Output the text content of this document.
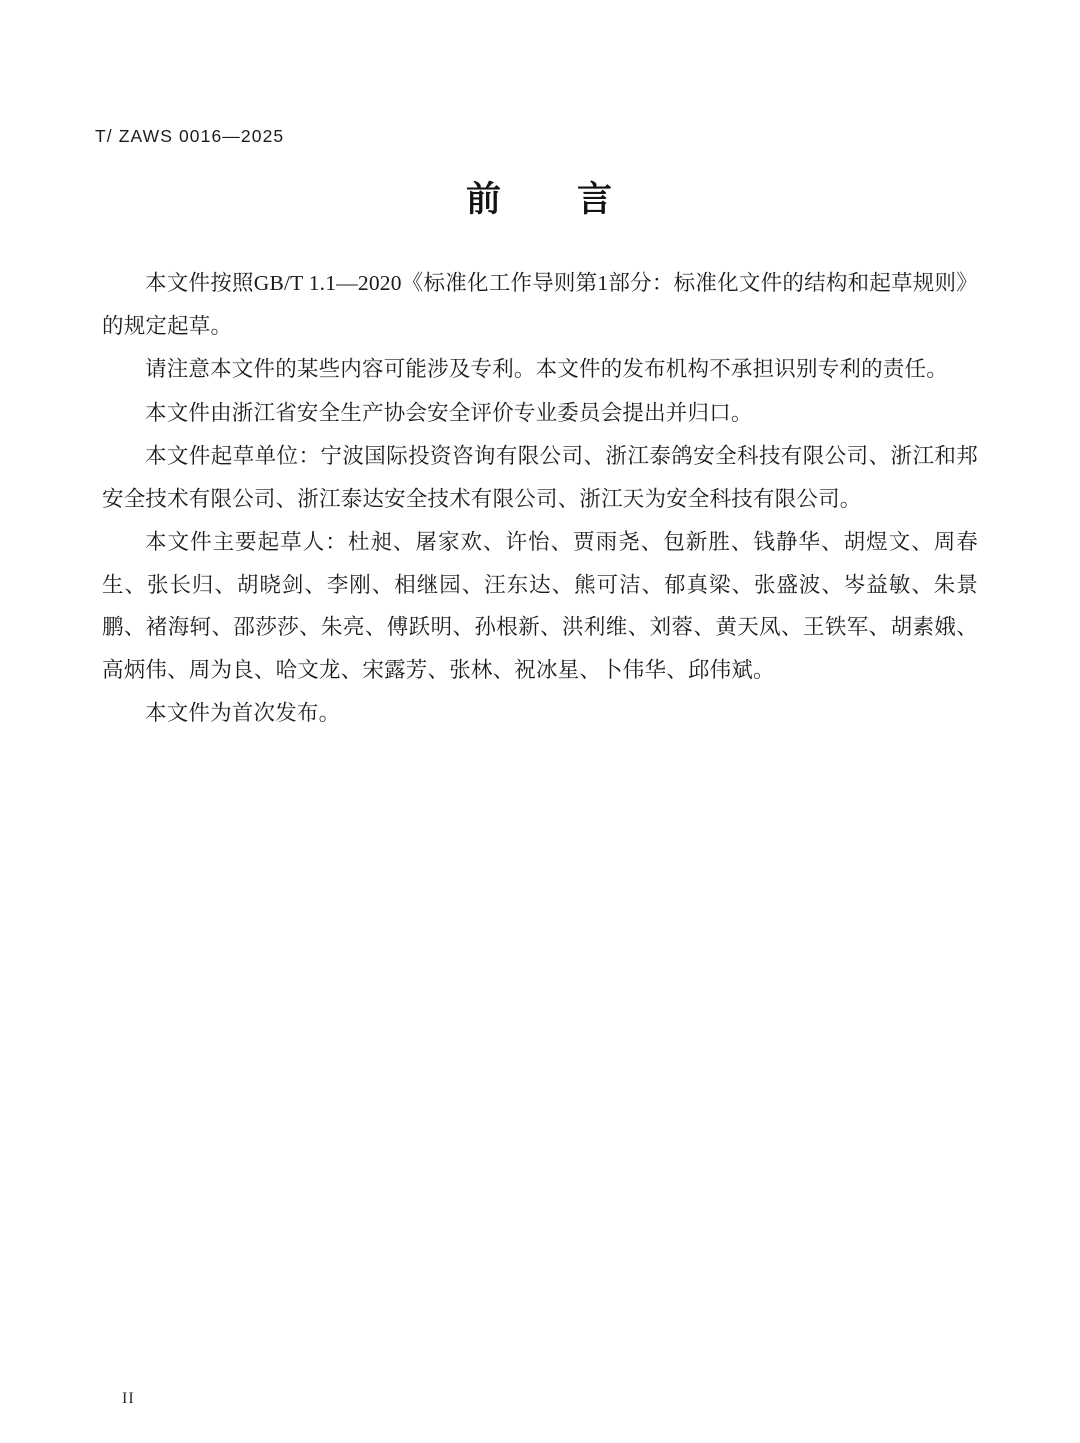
T/ ZAWS 0016—2025
前　　言

本文件按照GB/T 1.1—2020《标准化工作导则第1部分：标准化文件的结构和起草规则》的规定起草。

请注意本文件的某些内容可能涉及专利。本文件的发布机构不承担识别专利的责任。

本文件由浙江省安全生产协会安全评价专业委员会提出并归口。

本文件起草单位：宁波国际投资咨询有限公司、浙江泰鸽安全科技有限公司、浙江和邦安全技术有限公司、浙江泰达安全技术有限公司、浙江天为安全科技有限公司。

本文件主要起草人：杜昶、屠家欢、许怡、贾雨尧、包新胜、钱静华、胡煜文、周春生、张长归、胡晓剑、李刚、相继园、汪东达、熊可洁、郁真梁、张盛波、岑益敏、朱景鹏、褚海轲、邵莎莎、朱亮、傅跃明、孙根新、洪利维、刘蓉、黄天凤、王铁军、胡素娥、高炳伟、周为良、哈文龙、宋露芳、张林、祝冰星、卜伟华、邱伟斌。

本文件为首次发布。

II
